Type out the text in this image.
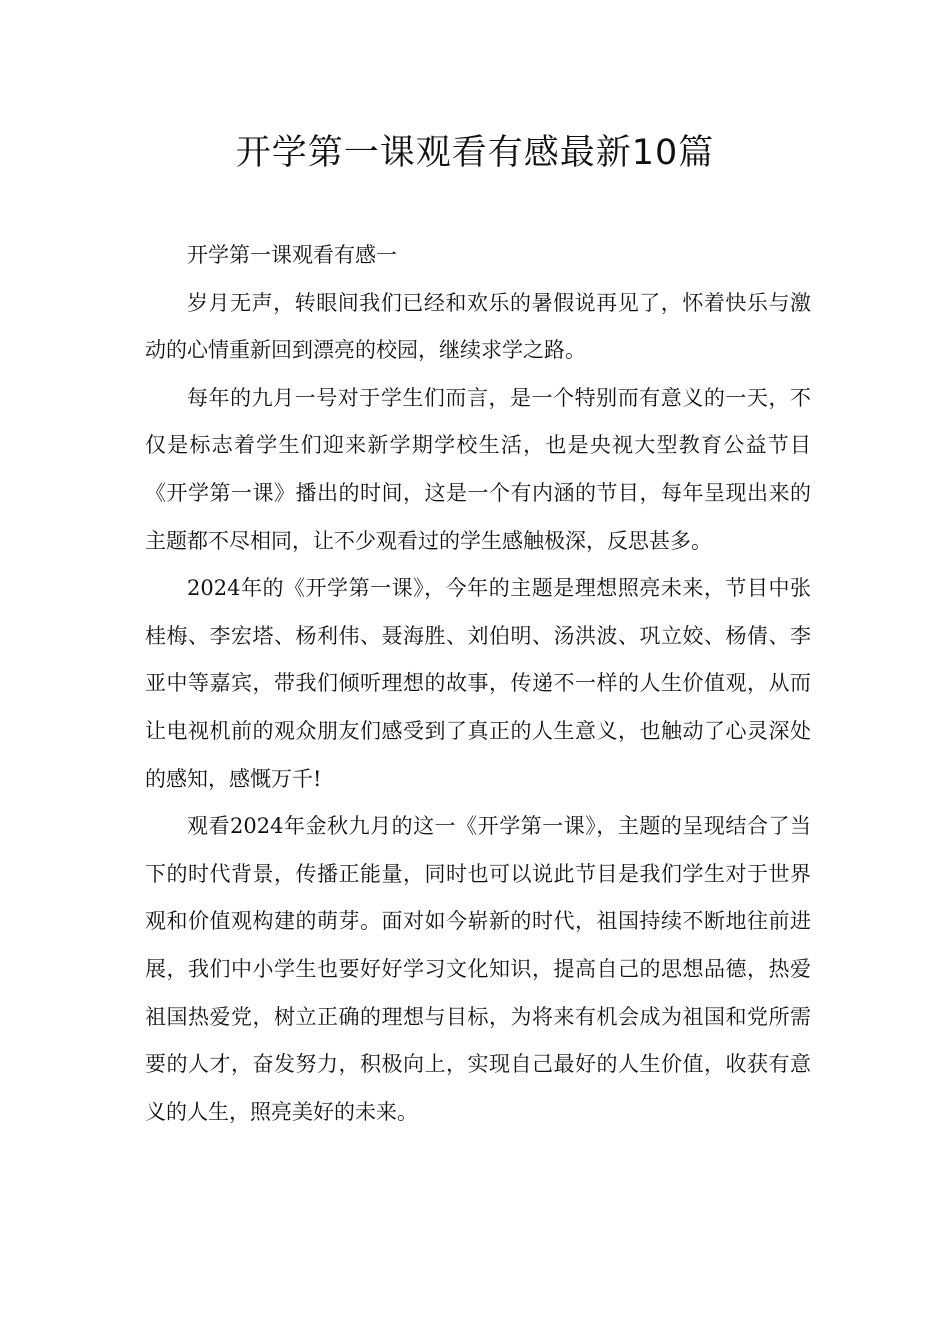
开学第一课观看有感最新10篇

开学第一课观看有感一

岁月无声，转眼间我们已经和欢乐的暑假说再见了，怀着快乐与激动的心情重新回到漂亮的校园，继续求学之路。

每年的九月一号对于学生们而言，是一个特别而有意义的一天，不仅是标志着学生们迎来新学期学校生活，也是央视大型教育公益节目《开学第一课》播出的时间，这是一个有内涵的节目，每年呈现出来的主题都不尽相同，让不少观看过的学生感触极深，反思甚多。

2024年的《开学第一课》，今年的主题是理想照亮未来，节目中张桂梅、李宏塔、杨利伟、聂海胜、刘伯明、汤洪波、巩立姣、杨倩、李亚中等嘉宾，带我们倾听理想的故事，传递不一样的人生价值观，从而让电视机前的观众朋友们感受到了真正的人生意义，也触动了心灵深处的感知，感慨万千!

观看2024年金秋九月的这一《开学第一课》，主题的呈现结合了当下的时代背景，传播正能量，同时也可以说此节目是我们学生对于世界观和价值观构建的萌芽。面对如今崭新的时代，祖国持续不断地往前进展，我们中小学生也要好好学习文化知识，提高自己的思想品德，热爱祖国热爱党，树立正确的理想与目标，为将来有机会成为祖国和党所需要的人才，奋发努力，积极向上，实现自己最好的人生价值，收获有意义的人生，照亮美好的未来。
